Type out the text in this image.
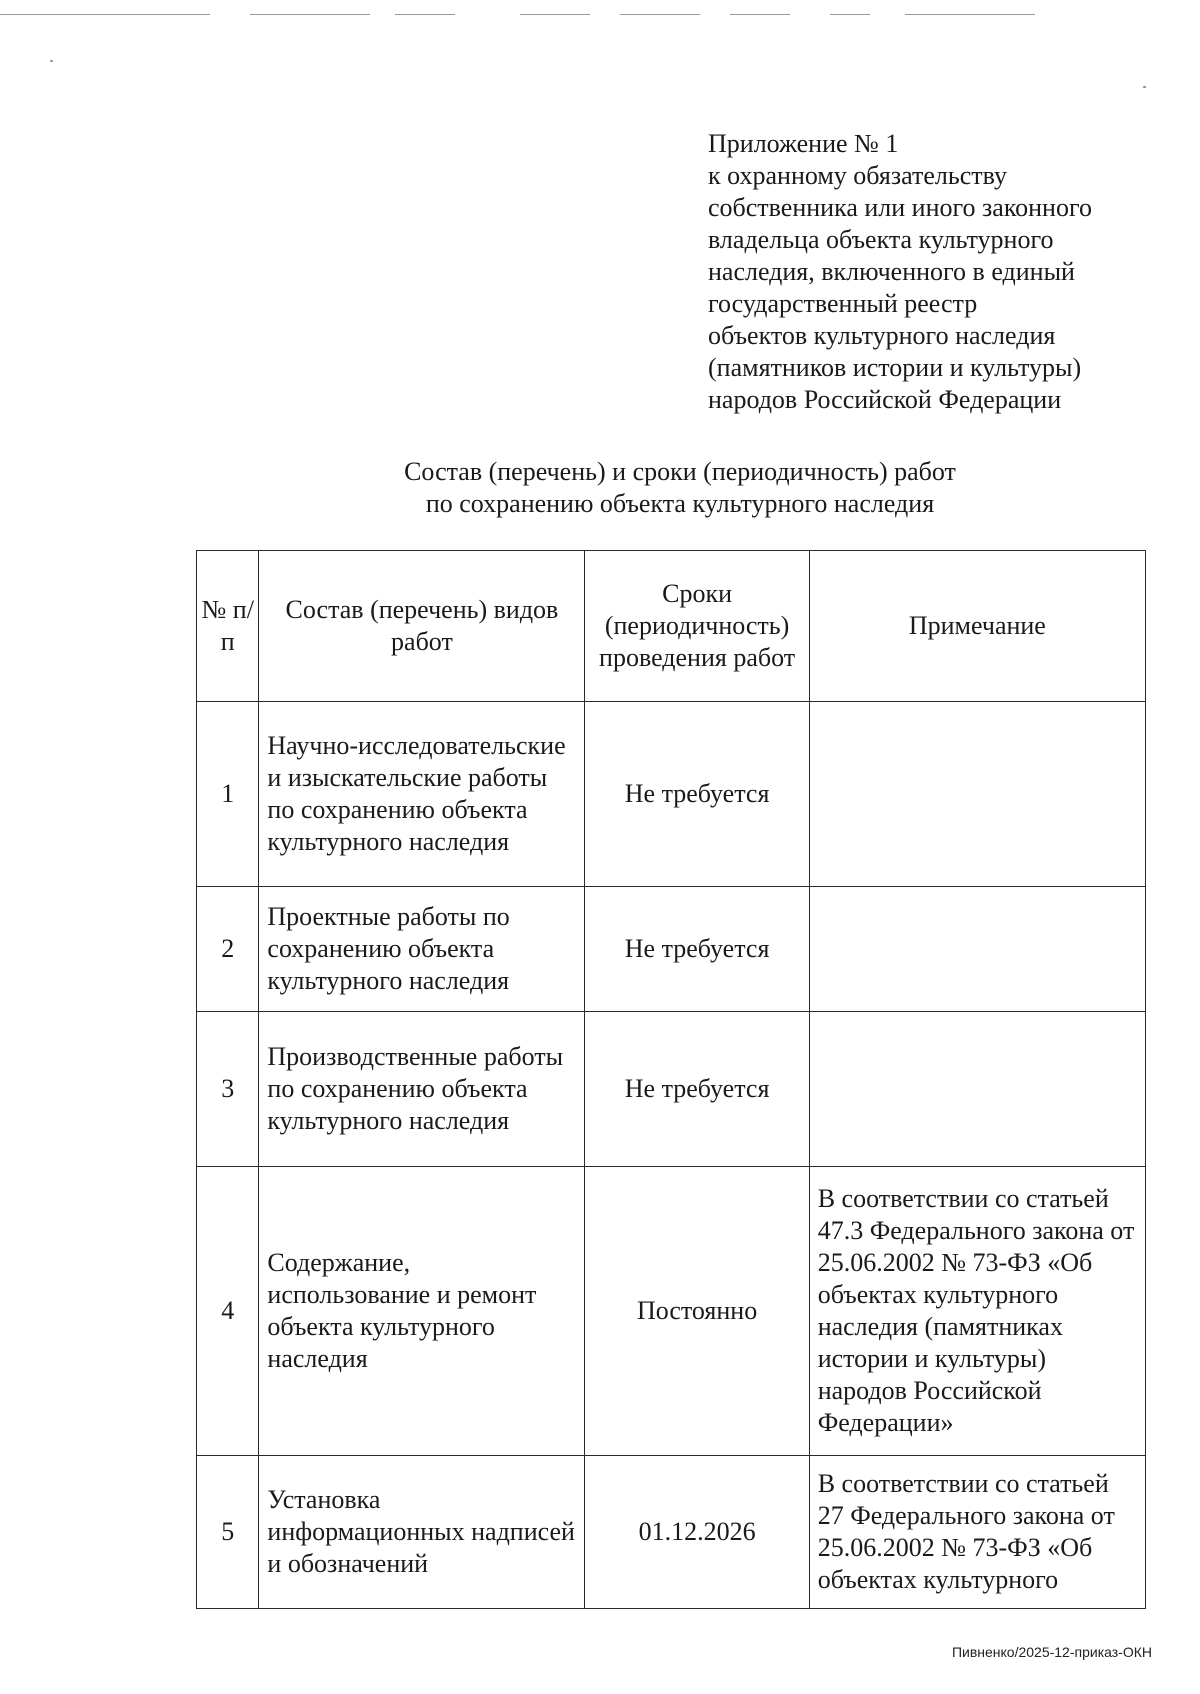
Приложение № 1
к охранному обязательству
собственника или иного законного
владельца объекта культурного
наследия, включенного в единый
государственный реестр
объектов культурного наследия
(памятников истории и культуры)
народов Российской Федерации
Состав (перечень) и сроки (периодичность) работ
по сохранению объекта культурного наследия
№ п/п	Состав (перечень) видов работ	Сроки (периодичность) проведения работ	Примечание
1	Научно-исследовательские и изыскательские работы по сохранению объекта культурного наследия	Не требуется	
2	Проектные работы по сохранению объекта культурного наследия	Не требуется	
3	Производственные работы по сохранению объекта культурного наследия	Не требуется	
4	Содержание, использование и ремонт объекта культурного наследия	Постоянно	В соответствии со статьей 47.3 Федерального закона от 25.06.2002 № 73-ФЗ «Об объектах культурного наследия (памятниках истории и культуры) народов Российской Федерации»
5	Установка информационных надписей и обозначений	01.12.2026	В соответствии со статьей 27 Федерального закона от 25.06.2002 № 73-ФЗ «Об объектах культурного
Пивненко/2025-12-приказ-ОКН
